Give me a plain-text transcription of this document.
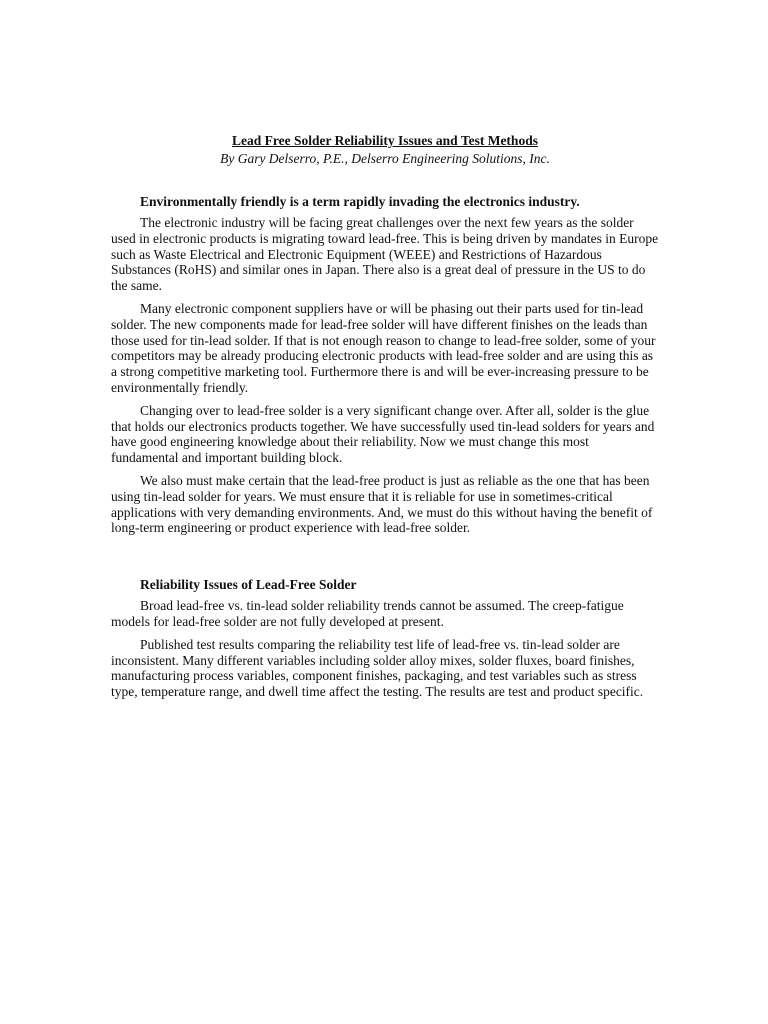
Lead Free Solder Reliability Issues and Test Methods

By Gary Delserro, P.E., Delserro Engineering Solutions, Inc.

Environmentally friendly is a term rapidly invading the electronics industry.

The electronic industry will be facing great challenges over the next few years as the solder used in electronic products is migrating toward lead-free. This is being driven by mandates in Europe such as Waste Electrical and Electronic Equipment (WEEE) and Restrictions of Hazardous Substances (RoHS) and similar ones in Japan. There also is a great deal of pressure in the US to do the same.

Many electronic component suppliers have or will be phasing out their parts used for tin-lead solder. The new components made for lead-free solder will have different finishes on the leads than those used for tin-lead solder. If that is not enough reason to change to lead-free solder, some of your competitors may be already producing electronic products with lead-free solder and are using this as a strong competitive marketing tool. Furthermore there is and will be ever-increasing pressure to be environmentally friendly.

Changing over to lead-free solder is a very significant change over. After all, solder is the glue that holds our electronics products together. We have successfully used tin-lead solders for years and have good engineering knowledge about their reliability. Now we must change this most fundamental and important building block.

We also must make certain that the lead-free product is just as reliable as the one that has been using tin-lead solder for years. We must ensure that it is reliable for use in sometimes-critical applications with very demanding environments. And, we must do this without having the benefit of long-term engineering or product experience with lead-free solder.

Reliability Issues of Lead-Free Solder

Broad lead-free vs. tin-lead solder reliability trends cannot be assumed. The creep-fatigue models for lead-free solder are not fully developed at present.

Published test results comparing the reliability test life of lead-free vs. tin-lead solder are inconsistent. Many different variables including solder alloy mixes, solder fluxes, board finishes, manufacturing process variables, component finishes, packaging, and test variables such as stress type, temperature range, and dwell time affect the testing. The results are test and product specific.
